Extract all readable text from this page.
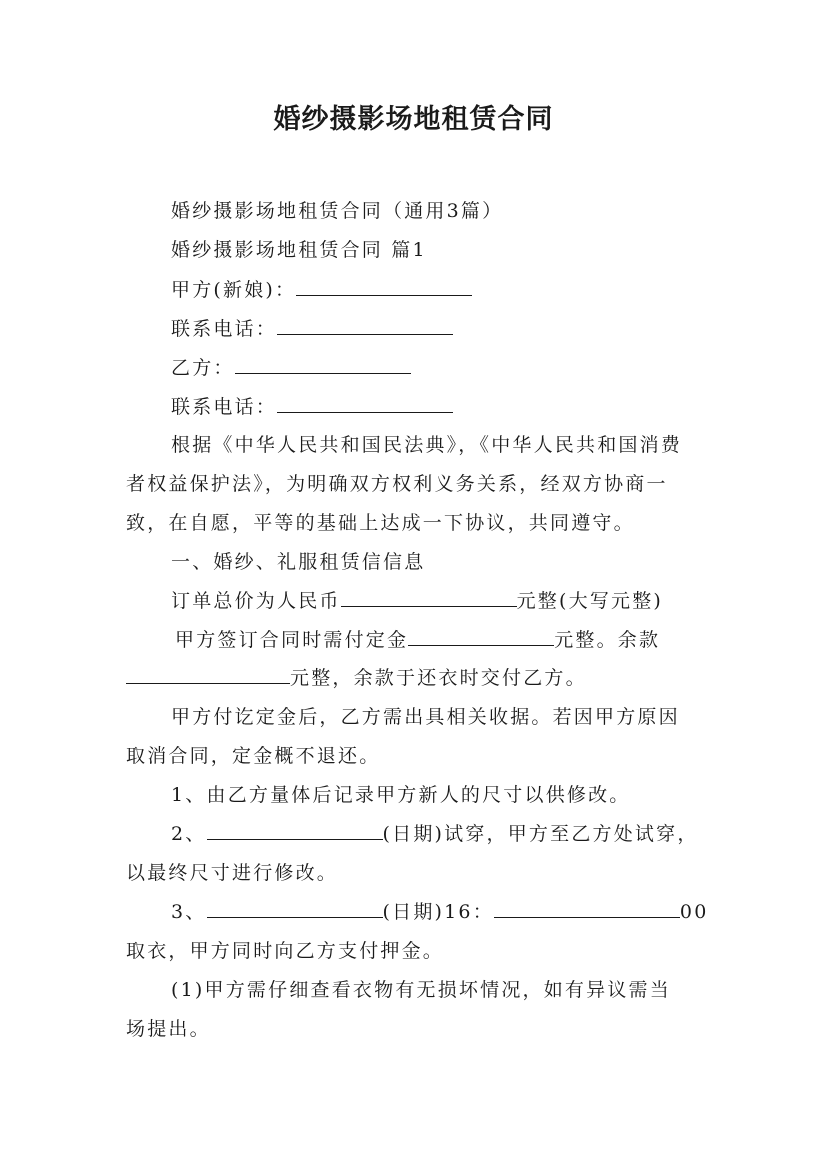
婚纱摄影场地租赁合同
婚纱摄影场地租赁合同（通用3篇）
婚纱摄影场地租赁合同 篇1
甲方(新娘)：
联系电话：
乙方：
联系电话：
根据《中华人民共和国民法典》，《中华人民共和国消费
者权益保护法》，为明确双方权利义务关系，经双方协商一
致，在自愿，平等的基础上达成一下协议，共同遵守。
一、婚纱、礼服租赁信信息
订单总价为人民币	元整(大写元整)
甲方签订合同时需付定金	元整。余款
元整，余款于还衣时交付乙方。
甲方付讫定金后，乙方需出具相关收据。若因甲方原因
取消合同，定金概不退还。
1、由乙方量体后记录甲方新人的尺寸以供修改。
2、	(日期)试穿，甲方至乙方处试穿，
以最终尺寸进行修改。
3、	(日期)16：	00
取衣，甲方同时向乙方支付押金。
(1)甲方需仔细查看衣物有无损坏情况，如有异议需当
场提出。
